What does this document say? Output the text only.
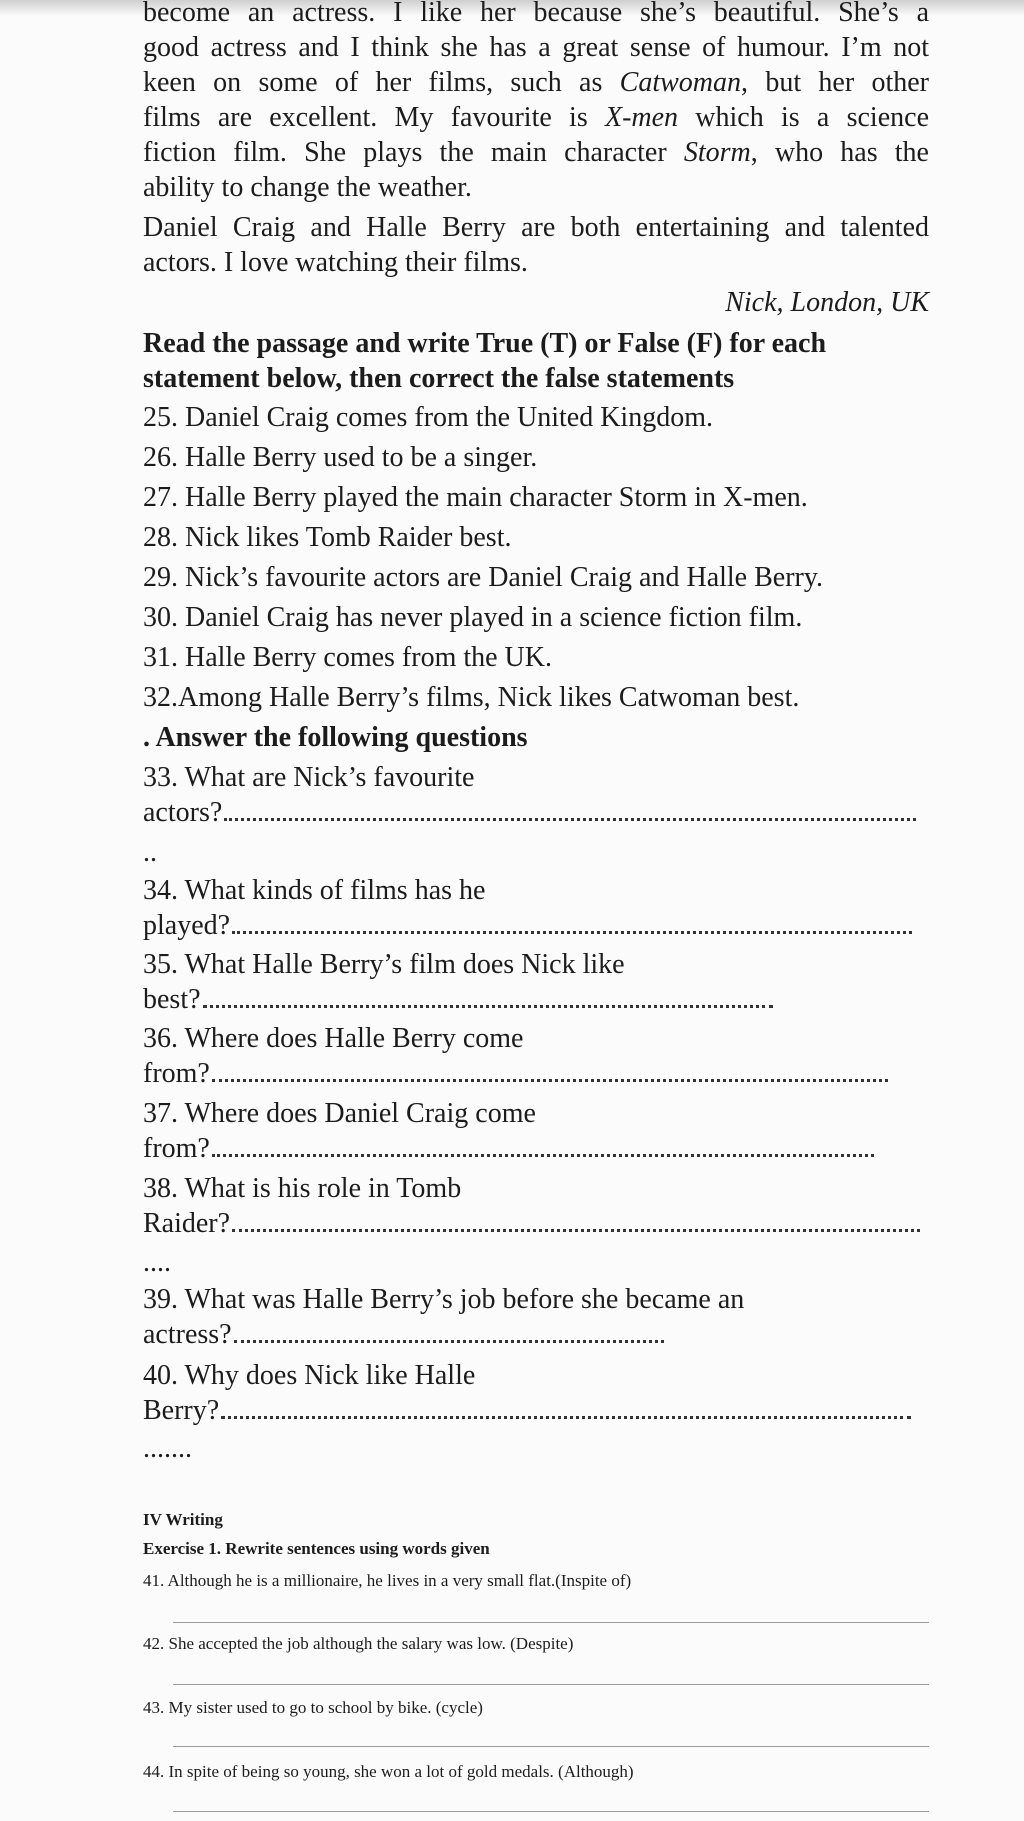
become an actress. I like her because she’s beautiful. She’s a
good actress and I think she has a great sense of humour. I’m not
keen on some of her films, such as Catwoman, but her other
films are excellent. My favourite is X-men which is a science
fiction film. She plays the main character Storm, who has the
ability to change the weather.
Daniel Craig and Halle Berry are both entertaining and talented
actors. I love watching their films.
Nick, London, UK
Read the passage and write True (T) or False (F) for each
statement below, then correct the false statements
25. Daniel Craig comes from the United Kingdom.
26. Halle Berry used to be a singer.
27. Halle Berry played the main character Storm in X-men.
28. Nick likes Tomb Raider best.
29. Nick’s favourite actors are Daniel Craig and Halle Berry.
30. Daniel Craig has never played in a science fiction film.
31. Halle Berry comes from the UK.
32.Among Halle Berry’s films, Nick likes Catwoman best.
. Answer the following questions
33. What are Nick’s favourite
actors?
..
34. What kinds of films has he
played?
35. What Halle Berry’s film does Nick like
best?
36. Where does Halle Berry come
from?
37. Where does Daniel Craig come
from?
38. What is his role in Tomb
Raider?
....
39. What was Halle Berry’s job before she became an
actress?
40. Why does Nick like Halle
Berry?
.......
IV Writing
Exercise 1. Rewrite sentences using words given
41. Although he is a millionaire, he lives in a very small flat.(Inspite of)
42. She accepted the job although the salary was low. (Despite)
43. My sister used to go to school by bike. (cycle)
44. In spite of being so young, she won a lot of gold medals. (Although)
